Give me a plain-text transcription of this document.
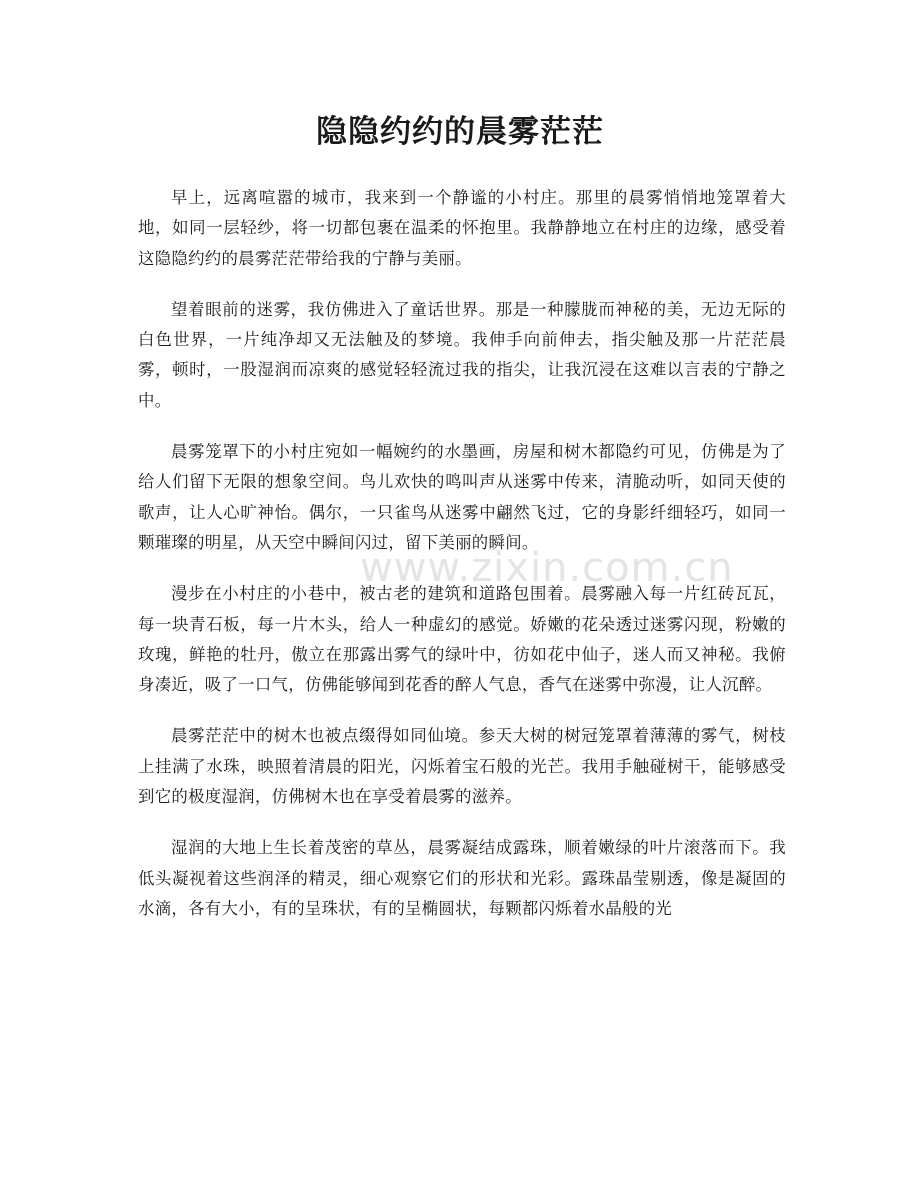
www.zixin.com.cn
隐隐约约的晨雾茫茫

早上，远离喧嚣的城市，我来到一个静谧的小村庄。那里的晨雾悄悄地笼罩着大地，如同一层轻纱，将一切都包裹在温柔的怀抱里。我静静地立在村庄的边缘，感受着这隐隐约约的晨雾茫茫带给我的宁静与美丽。

望着眼前的迷雾，我仿佛进入了童话世界。那是一种朦胧而神秘的美，无边无际的白色世界，一片纯净却又无法触及的梦境。我伸手向前伸去，指尖触及那一片茫茫晨雾，顿时，一股湿润而凉爽的感觉轻轻流过我的指尖，让我沉浸在这难以言表的宁静之中。

晨雾笼罩下的小村庄宛如一幅婉约的水墨画，房屋和树木都隐约可见，仿佛是为了给人们留下无限的想象空间。鸟儿欢快的鸣叫声从迷雾中传来，清脆动听，如同天使的歌声，让人心旷神怡。偶尔，一只雀鸟从迷雾中翩然飞过，它的身影纤细轻巧，如同一颗璀璨的明星，从天空中瞬间闪过，留下美丽的瞬间。

漫步在小村庄的小巷中，被古老的建筑和道路包围着。晨雾融入每一片红砖瓦瓦，每一块青石板，每一片木头，给人一种虚幻的感觉。娇嫩的花朵透过迷雾闪现，粉嫩的玫瑰，鲜艳的牡丹，傲立在那露出雾气的绿叶中，彷如花中仙子，迷人而又神秘。我俯身凑近，吸了一口气，仿佛能够闻到花香的醉人气息，香气在迷雾中弥漫，让人沉醉。

晨雾茫茫中的树木也被点缀得如同仙境。参天大树的树冠笼罩着薄薄的雾气，树枝上挂满了水珠，映照着清晨的阳光，闪烁着宝石般的光芒。我用手触碰树干，能够感受到它的极度湿润，仿佛树木也在享受着晨雾的滋养。

湿润的大地上生长着茂密的草丛，晨雾凝结成露珠，顺着嫩绿的叶片滚落而下。我低头凝视着这些润泽的精灵，细心观察它们的形状和光彩。露珠晶莹剔透，像是凝固的水滴，各有大小，有的呈珠状，有的呈椭圆状，每颗都闪烁着水晶般的光
